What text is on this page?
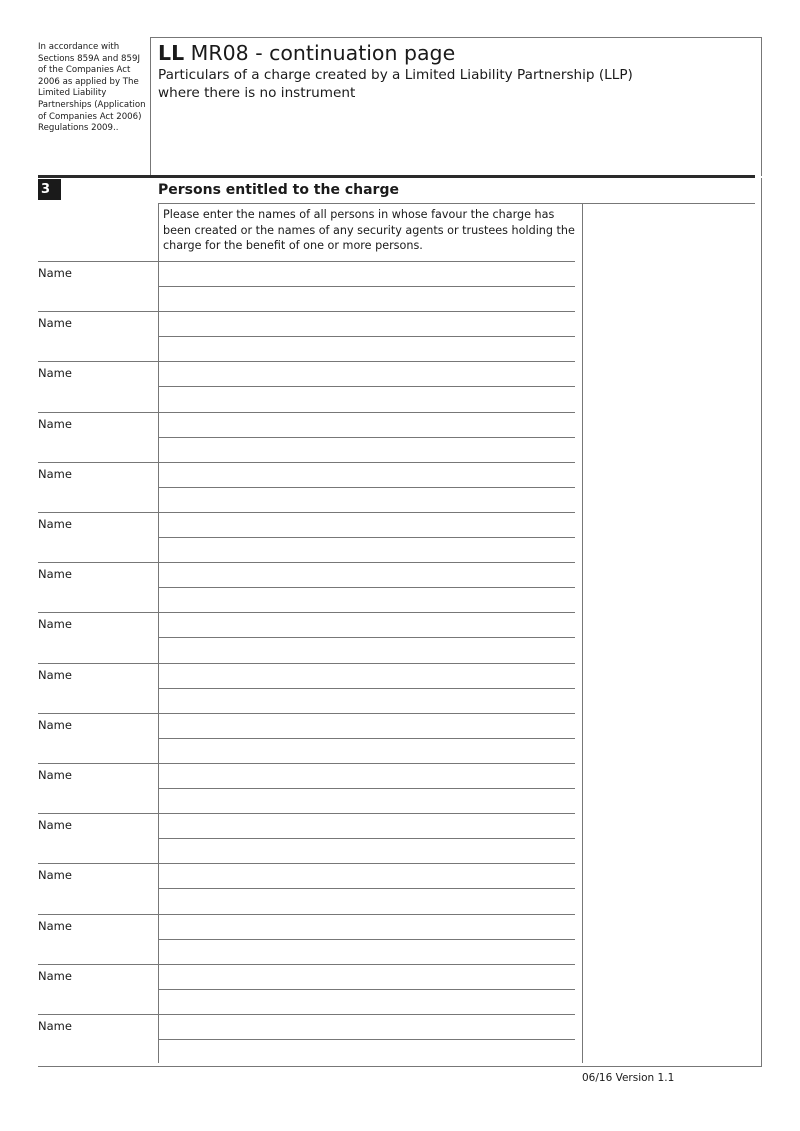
In accordance with Sections 859A and 859J of the Companies Act 2006 as applied by The Limited Liability Partnerships (Application of Companies Act 2006) Regulations 2009..
LL MR08 - continuation page
Particulars of a charge created by a Limited Liability Partnership (LLP)
where there is no instrument
3	Persons entitled to the charge
Please enter the names of all persons in whose favour the charge has been created or the names of any security agents or trustees holding the charge for the benefit of one or more persons.
Name
Name
Name
Name
Name
Name
Name
Name
Name
Name
Name
Name
Name
Name
Name
Name
06/16 Version 1.1
